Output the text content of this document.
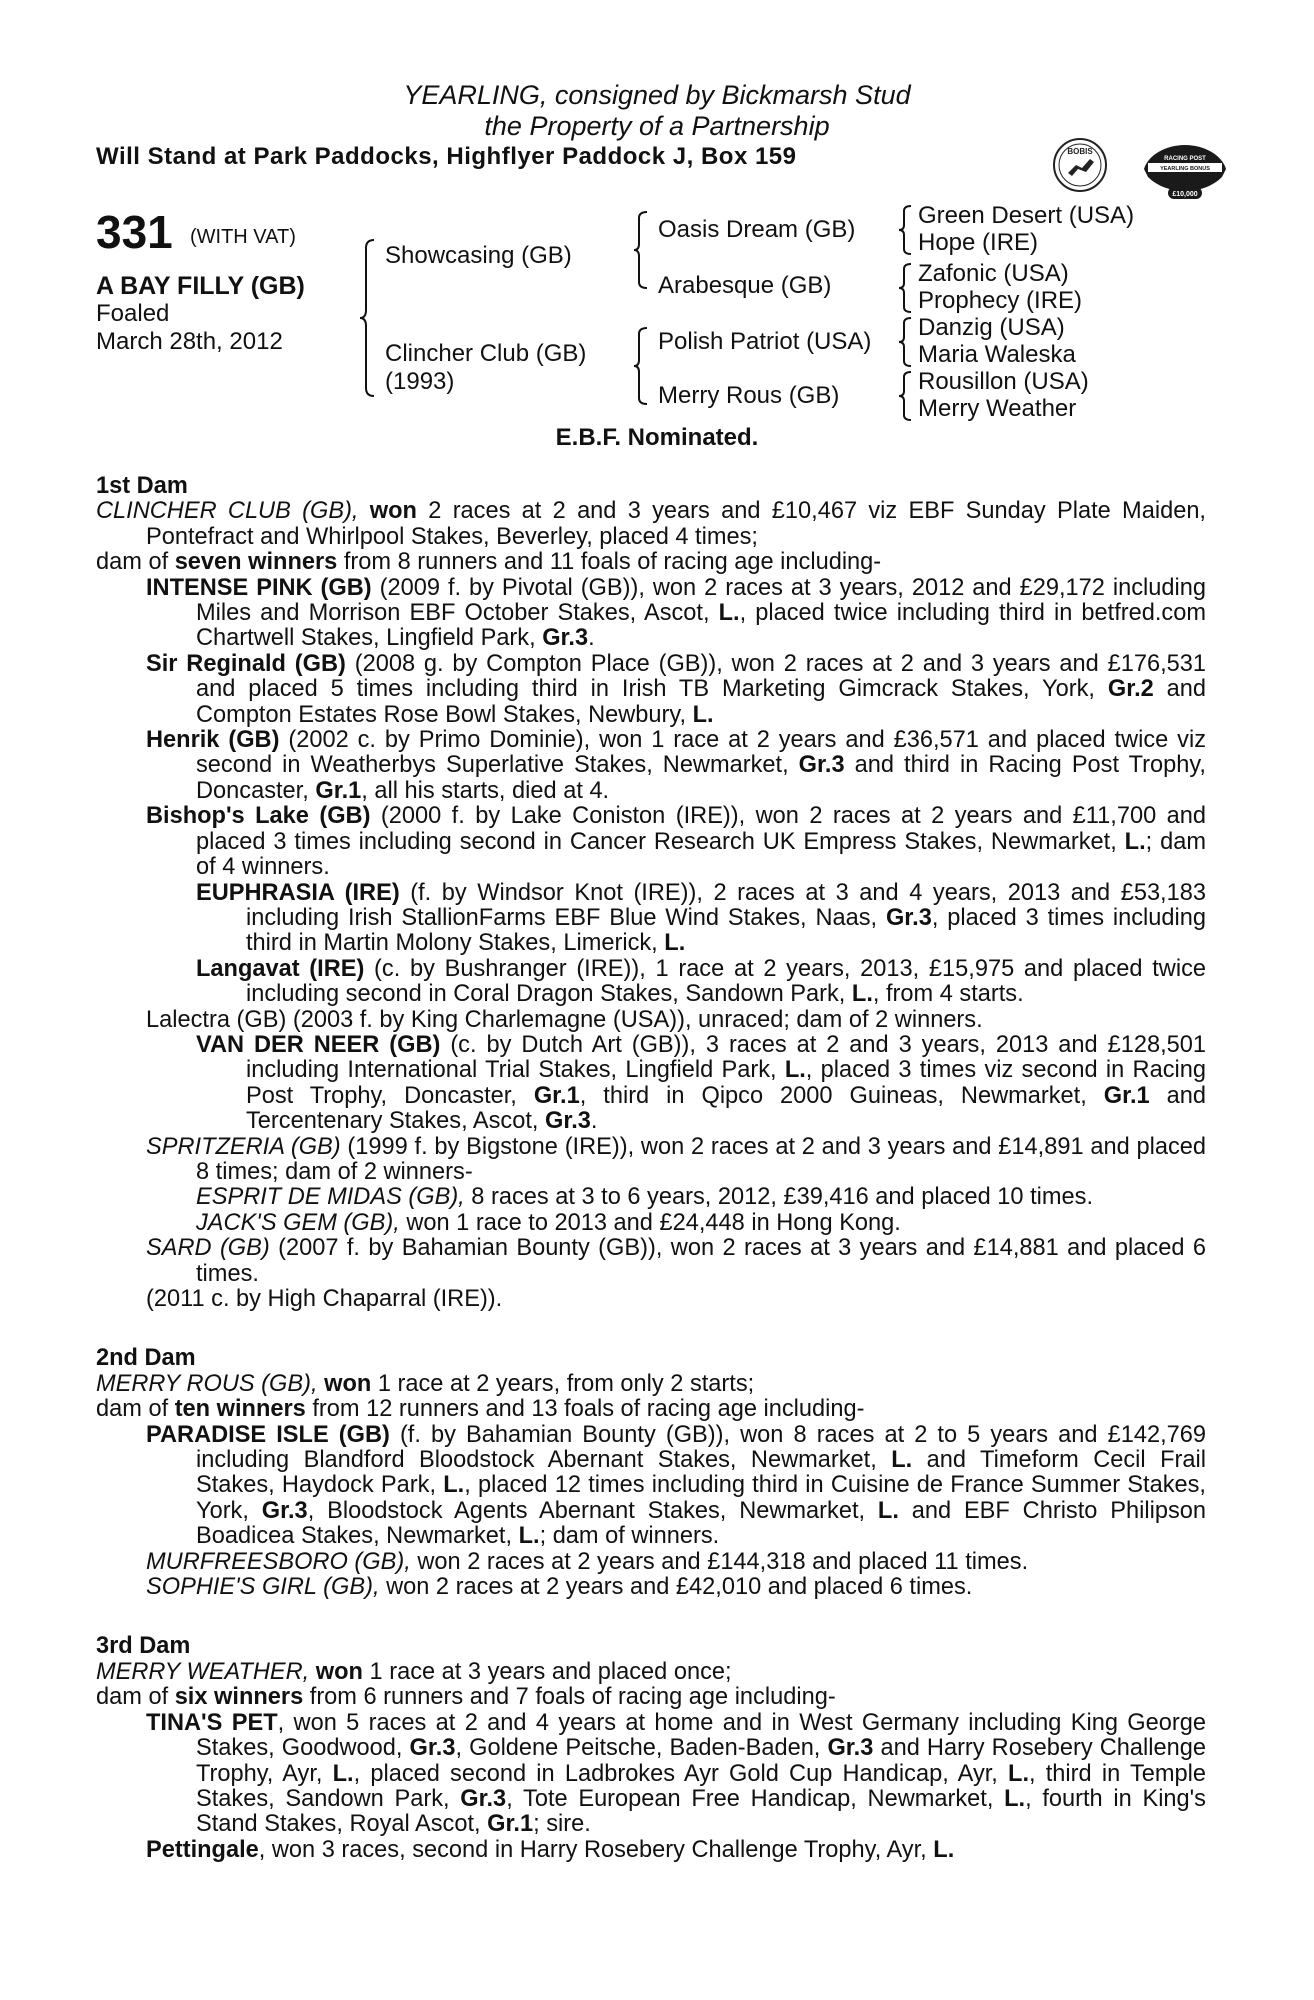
YEARLING, consigned by Bickmarsh Stud
the Property of a Partnership
Will Stand at Park Paddocks, Highflyer Paddock J, Box 159	BOBIS
RACING POST
YEARLING BONUS
£10,000
331 (WITH VAT)
A BAY FILLY (GB)
Foaled
March 28th, 2012
Showcasing (GB)
Clincher Club (GB)
(1993)
Oasis Dream (GB)
Arabesque (GB)
Polish Patriot (USA)
Merry Rous (GB)
Green Desert (USA)
Hope (IRE)
Zafonic (USA)
Prophecy (IRE)
Danzig (USA)
Maria Waleska
Rousillon (USA)
Merry Weather
E.B.F. Nominated.

1st Dam

CLINCHER CLUB (GB), won 2 races at 2 and 3 years and £10,467 viz EBF Sunday Plate Maiden, Pontefract and Whirlpool Stakes, Beverley, placed 4 times;

dam of seven winners from 8 runners and 11 foals of racing age including-

INTENSE PINK (GB) (2009 f. by Pivotal (GB)), won 2 races at 3 years, 2012 and £29,172 including Miles and Morrison EBF October Stakes, Ascot, L., placed twice including third in betfred.com Chartwell Stakes, Lingfield Park, Gr.3.

Sir Reginald (GB) (2008 g. by Compton Place (GB)), won 2 races at 2 and 3 years and £176,531 and placed 5 times including third in Irish TB Marketing Gimcrack Stakes, York, Gr.2 and Compton Estates Rose Bowl Stakes, Newbury, L.

Henrik (GB) (2002 c. by Primo Dominie), won 1 race at 2 years and £36,571 and placed twice viz second in Weatherbys Superlative Stakes, Newmarket, Gr.3 and third in Racing Post Trophy, Doncaster, Gr.1, all his starts, died at 4.

Bishop's Lake (GB) (2000 f. by Lake Coniston (IRE)), won 2 races at 2 years and £11,700 and placed 3 times including second in Cancer Research UK Empress Stakes, Newmarket, L.; dam of 4 winners.

EUPHRASIA (IRE) (f. by Windsor Knot (IRE)), 2 races at 3 and 4 years, 2013 and £53,183 including Irish StallionFarms EBF Blue Wind Stakes, Naas, Gr.3, placed 3 times including third in Martin Molony Stakes, Limerick, L.

Langavat (IRE) (c. by Bushranger (IRE)), 1 race at 2 years, 2013, £15,975 and placed twice including second in Coral Dragon Stakes, Sandown Park, L., from 4 starts.

Lalectra (GB) (2003 f. by King Charlemagne (USA)), unraced; dam of 2 winners.

VAN DER NEER (GB) (c. by Dutch Art (GB)), 3 races at 2 and 3 years, 2013 and £128,501 including International Trial Stakes, Lingfield Park, L., placed 3 times viz second in Racing Post Trophy, Doncaster, Gr.1, third in Qipco 2000 Guineas, Newmarket, Gr.1 and Tercentenary Stakes, Ascot, Gr.3.

SPRITZERIA (GB) (1999 f. by Bigstone (IRE)), won 2 races at 2 and 3 years and £14,891 and placed 8 times; dam of 2 winners-

ESPRIT DE MIDAS (GB), 8 races at 3 to 6 years, 2012, £39,416 and placed 10 times.

JACK'S GEM (GB), won 1 race to 2013 and £24,448 in Hong Kong.

SARD (GB) (2007 f. by Bahamian Bounty (GB)), won 2 races at 3 years and £14,881 and placed 6 times.

(2011 c. by High Chaparral (IRE)).

2nd Dam

MERRY ROUS (GB), won 1 race at 2 years, from only 2 starts;

dam of ten winners from 12 runners and 13 foals of racing age including-

PARADISE ISLE (GB) (f. by Bahamian Bounty (GB)), won 8 races at 2 to 5 years and £142,769 including Blandford Bloodstock Abernant Stakes, Newmarket, L. and Timeform Cecil Frail Stakes, Haydock Park, L., placed 12 times including third in Cuisine de France Summer Stakes, York, Gr.3, Bloodstock Agents Abernant Stakes, Newmarket, L. and EBF Christo Philipson Boadicea Stakes, Newmarket, L.; dam of winners.

MURFREESBORO (GB), won 2 races at 2 years and £144,318 and placed 11 times.

SOPHIE'S GIRL (GB), won 2 races at 2 years and £42,010 and placed 6 times.

3rd Dam

MERRY WEATHER, won 1 race at 3 years and placed once;

dam of six winners from 6 runners and 7 foals of racing age including-

TINA'S PET, won 5 races at 2 and 4 years at home and in West Germany including King George Stakes, Goodwood, Gr.3, Goldene Peitsche, Baden-Baden, Gr.3 and Harry Rosebery Challenge Trophy, Ayr, L., placed second in Ladbrokes Ayr Gold Cup Handicap, Ayr, L., third in Temple Stakes, Sandown Park, Gr.3, Tote European Free Handicap, Newmarket, L., fourth in King's Stand Stakes, Royal Ascot, Gr.1; sire.

Pettingale, won 3 races, second in Harry Rosebery Challenge Trophy, Ayr, L.
